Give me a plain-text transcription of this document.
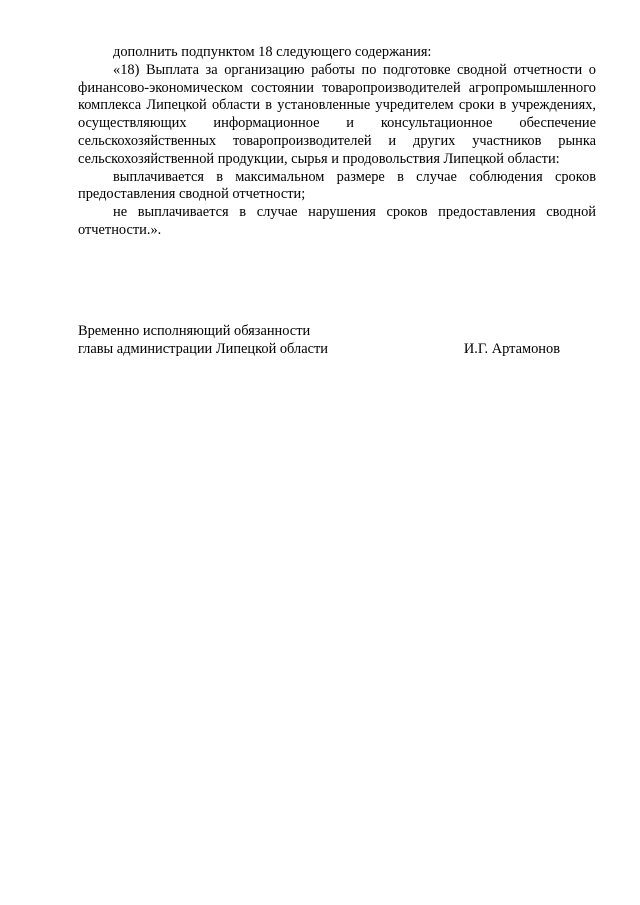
дополнить подпунктом 18 следующего содержания:

«18) Выплата за организацию работы по подготовке сводной отчетности о финансово-экономическом состоянии товаропроизводителей агропромышленного комплекса Липецкой области в установленные учредителем сроки в учреждениях, осуществляющих информационное и консультационное обеспечение сельскохозяйственных товаропроизводителей и других участников рынка сельскохозяйственной продукции, сырья и продовольствия Липецкой области:

выплачивается в максимальном размере в случае соблюдения сроков предоставления сводной отчетности;

не выплачивается в случае нарушения сроков предоставления сводной отчетности.».

Временно исполняющий обязанности
главы администрации Липецкой области	И.Г. Артамонов
